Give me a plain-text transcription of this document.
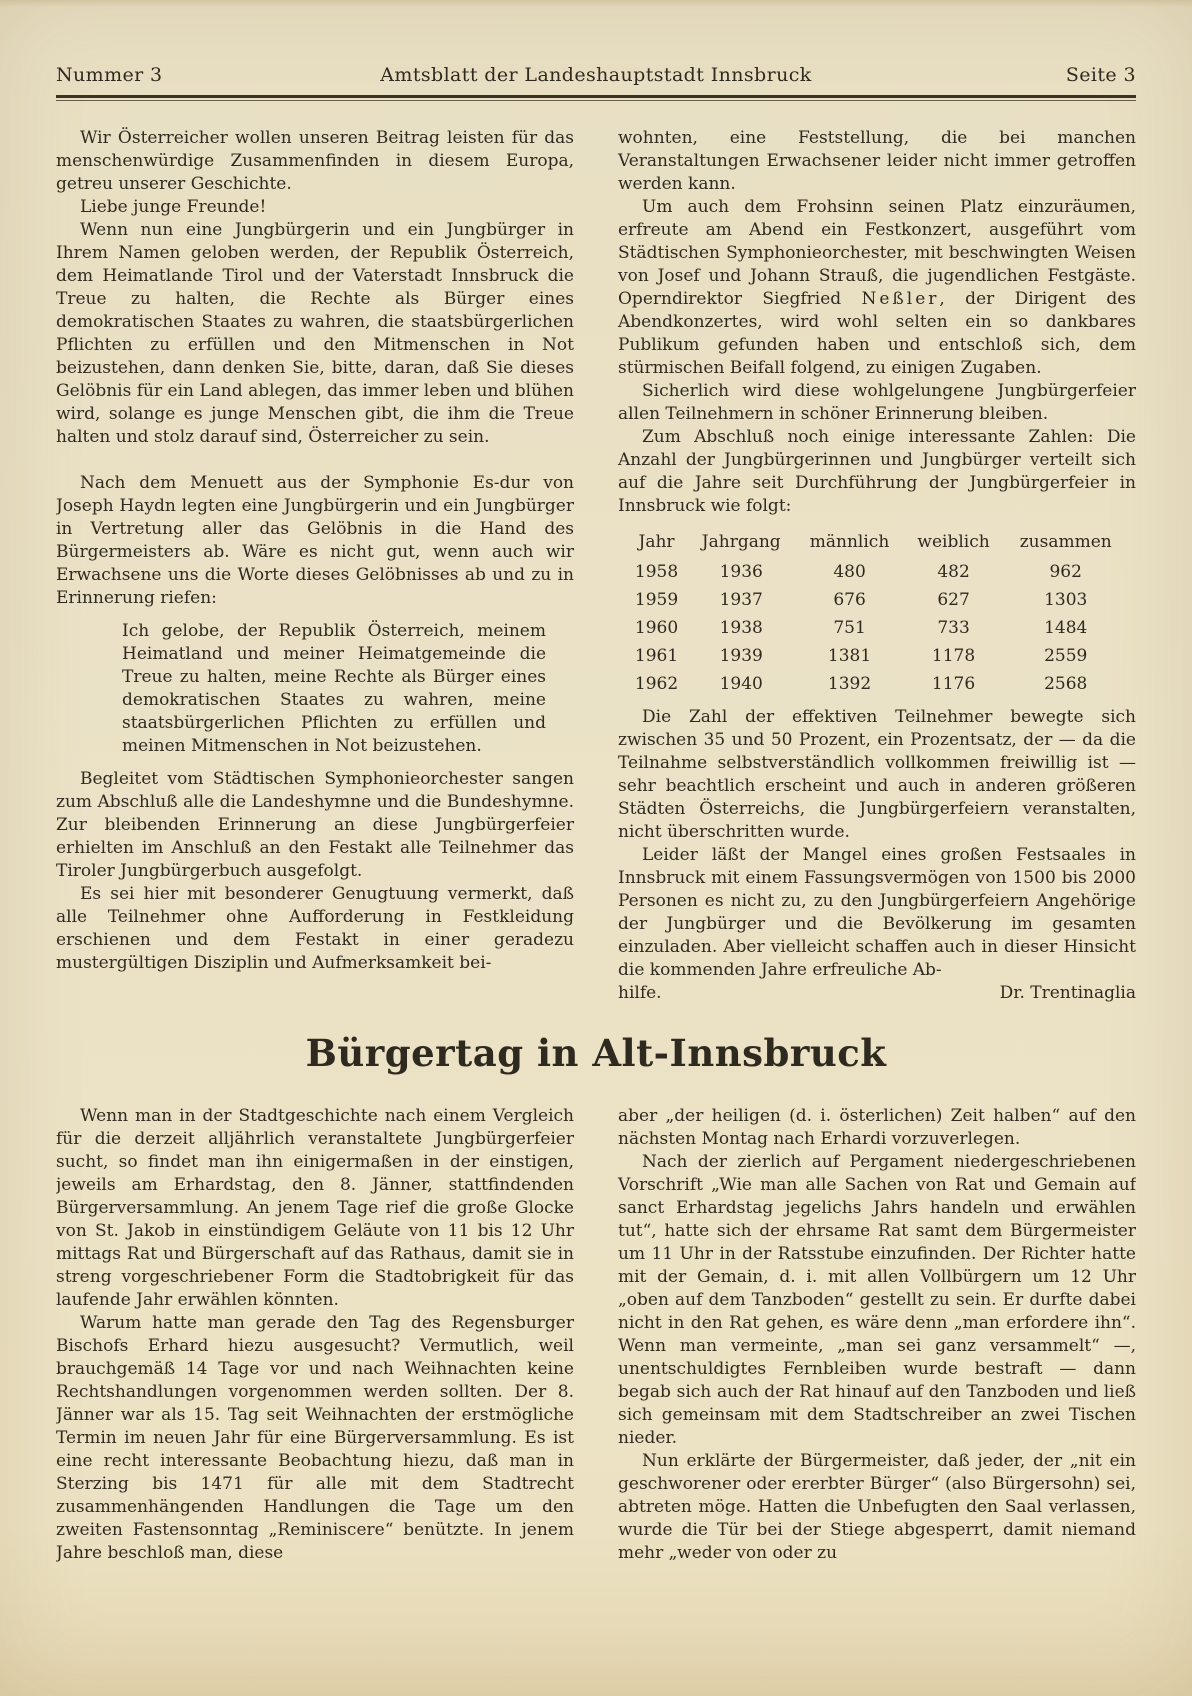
Nummer 3	Amtsblatt der Landeshauptstadt Innsbruck	Seite 3

Wir Österreicher wollen unseren Beitrag leisten für das menschenwürdige Zusammenfinden in diesem Europa, getreu unserer Geschichte.

Liebe junge Freunde!

Wenn nun eine Jungbürgerin und ein Jungbürger in Ihrem Namen geloben werden, der Republik Österreich, dem Heimatlande Tirol und der Vaterstadt Innsbruck die Treue zu halten, die Rechte als Bürger eines demokratischen Staates zu wahren, die staatsbürgerlichen Pflichten zu erfüllen und den Mitmenschen in Not beizustehen, dann denken Sie, bitte, daran, daß Sie dieses Gelöbnis für ein Land ablegen, das immer leben und blühen wird, solange es junge Menschen gibt, die ihm die Treue halten und stolz darauf sind, Österreicher zu sein.

Nach dem Menuett aus der Symphonie Es-dur von Joseph Haydn legten eine Jungbürgerin und ein Jungbürger in Vertretung aller das Gelöbnis in die Hand des Bürgermeisters ab. Wäre es nicht gut, wenn auch wir Erwachsene uns die Worte dieses Gelöbnisses ab und zu in Erinnerung riefen:

Ich gelobe, der Republik Österreich, meinem Heimatland und meiner Heimatgemeinde die Treue zu halten, meine Rechte als Bürger eines demokratischen Staates zu wahren, meine staatsbürgerlichen Pflichten zu erfüllen und meinen Mitmenschen in Not beizustehen.

Begleitet vom Städtischen Symphonieorchester sangen zum Abschluß alle die Landeshymne und die Bundeshymne. Zur bleibenden Erinnerung an diese Jungbürgerfeier erhielten im Anschluß an den Festakt alle Teilnehmer das Tiroler Jungbürgerbuch ausgefolgt.

Es sei hier mit besonderer Genugtuung vermerkt, daß alle Teilnehmer ohne Aufforderung in Festkleidung erschienen und dem Festakt in einer geradezu mustergültigen Disziplin und Aufmerksamkeit bei-

wohnten, eine Feststellung, die bei manchen Veranstaltungen Erwachsener leider nicht immer getroffen werden kann.

Um auch dem Frohsinn seinen Platz einzuräumen, erfreute am Abend ein Festkonzert, ausgeführt vom Städtischen Symphonieorchester, mit beschwingten Weisen von Josef und Johann Strauß, die jugendlichen Festgäste. Operndirektor Siegfried Neßler, der Dirigent des Abendkonzertes, wird wohl selten ein so dankbares Publikum gefunden haben und entschloß sich, dem stürmischen Beifall folgend, zu einigen Zugaben.

Sicherlich wird diese wohlgelungene Jungbürgerfeier allen Teilnehmern in schöner Erinnerung bleiben.

Zum Abschluß noch einige interessante Zahlen: Die Anzahl der Jungbürgerinnen und Jungbürger verteilt sich auf die Jahre seit Durchführung der Jungbürgerfeier in Innsbruck wie folgt:

Jahr	Jahrgang	männlich	weiblich	zusammen
1958	1936	480	482	962
1959	1937	676	627	1303
1960	1938	751	733	1484
1961	1939	1381	1178	2559
1962	1940	1392	1176	2568

Die Zahl der effektiven Teilnehmer bewegte sich zwischen 35 und 50 Prozent, ein Prozentsatz, der — da die Teilnahme selbstverständlich vollkommen freiwillig ist — sehr beachtlich erscheint und auch in anderen größeren Städten Österreichs, die Jungbürgerfeiern veranstalten, nicht überschritten wurde.

Leider läßt der Mangel eines großen Festsaales in Innsbruck mit einem Fassungsvermögen von 1500 bis 2000 Personen es nicht zu, zu den Jungbürgerfeiern Angehörige der Jungbürger und die Bevölkerung im gesamten einzuladen. Aber vielleicht schaffen auch in dieser Hinsicht die kommenden Jahre erfreuliche Ab-

hilfe.	Dr. Trentinaglia
Bürgertag in Alt-Innsbruck

Wenn man in der Stadtgeschichte nach einem Vergleich für die derzeit alljährlich veranstaltete Jungbürgerfeier sucht, so findet man ihn einigermaßen in der einstigen, jeweils am Erhardstag, den 8. Jänner, stattfindenden Bürgerversammlung. An jenem Tage rief die große Glocke von St. Jakob in einstündigem Geläute von 11 bis 12 Uhr mittags Rat und Bürgerschaft auf das Rathaus, damit sie in streng vorgeschriebener Form die Stadtobrigkeit für das laufende Jahr erwählen könnten.

Warum hatte man gerade den Tag des Regensburger Bischofs Erhard hiezu ausgesucht? Vermutlich, weil brauchgemäß 14 Tage vor und nach Weihnachten keine Rechtshandlungen vorgenommen werden sollten. Der 8. Jänner war als 15. Tag seit Weihnachten der erstmögliche Termin im neuen Jahr für eine Bürgerversammlung. Es ist eine recht interessante Beobachtung hiezu, daß man in Sterzing bis 1471 für alle mit dem Stadtrecht zusammenhängenden Handlungen die Tage um den zweiten Fastensonntag „Reminiscere“ benützte. In jenem Jahre beschloß man, diese

aber „der heiligen (d. i. österlichen) Zeit halben“ auf den nächsten Montag nach Erhardi vorzuverlegen.

Nach der zierlich auf Pergament niedergeschriebenen Vorschrift „Wie man alle Sachen von Rat und Gemain auf sanct Erhardstag jegelichs Jahrs handeln und erwählen tut“, hatte sich der ehrsame Rat samt dem Bürgermeister um 11 Uhr in der Ratsstube einzufinden. Der Richter hatte mit der Gemain, d. i. mit allen Vollbürgern um 12 Uhr „oben auf dem Tanzboden“ gestellt zu sein. Er durfte dabei nicht in den Rat gehen, es wäre denn „man erfordere ihn“. Wenn man vermeinte, „man sei ganz versammelt“ —, unentschuldigtes Fernbleiben wurde bestraft — dann begab sich auch der Rat hinauf auf den Tanzboden und ließ sich gemeinsam mit dem Stadtschreiber an zwei Tischen nieder.

Nun erklärte der Bürgermeister, daß jeder, der „nit ein geschworener oder ererbter Bürger“ (also Bürgersohn) sei, abtreten möge. Hatten die Unbefugten den Saal verlassen, wurde die Tür bei der Stiege abgesperrt, damit niemand mehr „weder von oder zu
